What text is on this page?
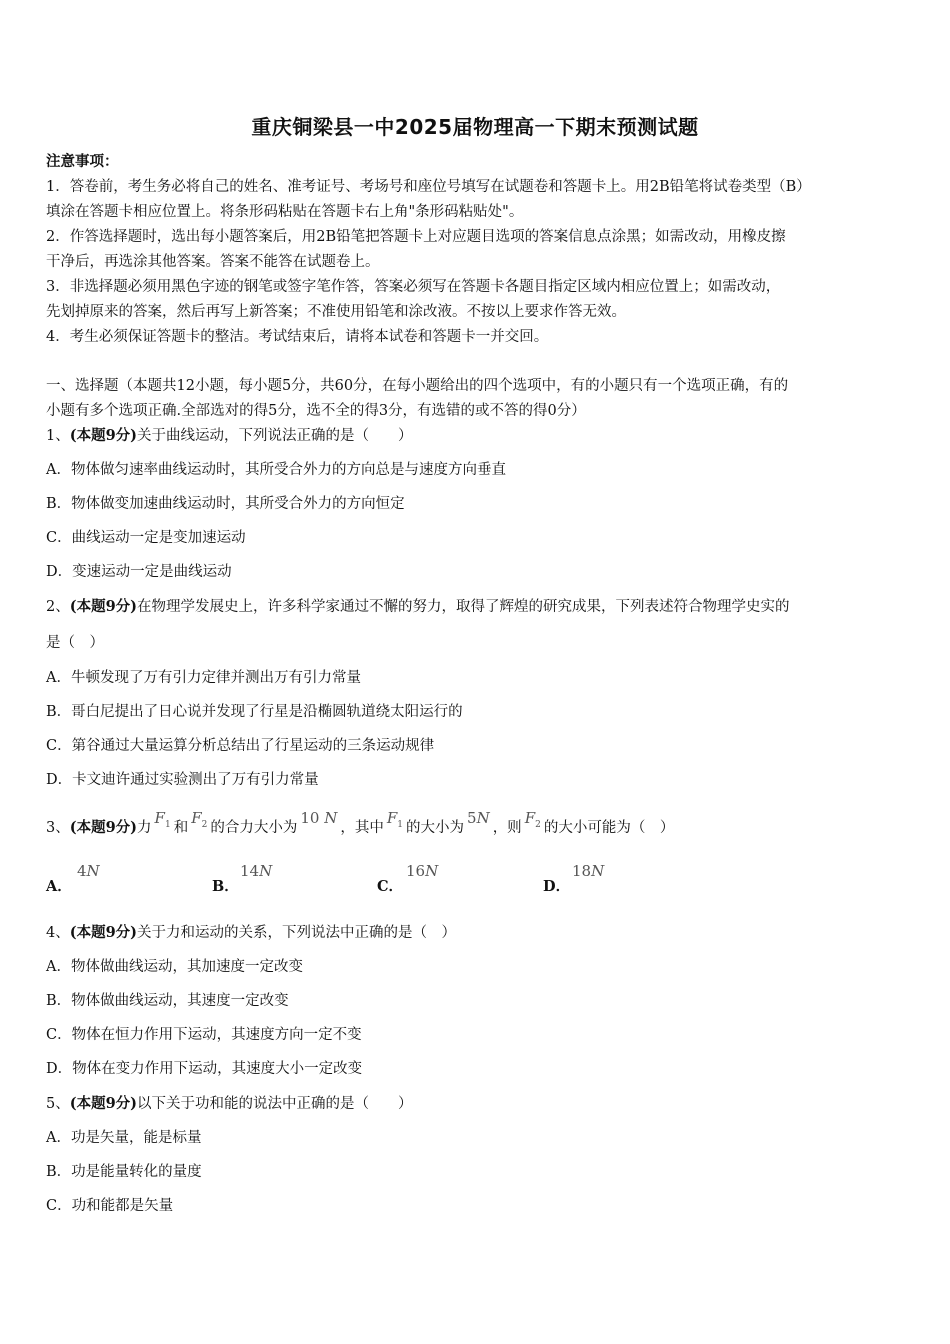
重庆铜梁县一中2025届物理高一下期末预测试题
注意事项：
1．答卷前，考生务必将自己的姓名、准考证号、考场号和座位号填写在试题卷和答题卡上。用2B铅笔将试卷类型（B）
填涂在答题卡相应位置上。将条形码粘贴在答题卡右上角"条形码粘贴处"。
2．作答选择题时，选出每小题答案后，用2B铅笔把答题卡上对应题目选项的答案信息点涂黑；如需改动，用橡皮擦
干净后，再选涂其他答案。答案不能答在试题卷上。
3．非选择题必须用黑色字迹的钢笔或签字笔作答，答案必须写在答题卡各题目指定区域内相应位置上；如需改动，
先划掉原来的答案，然后再写上新答案；不准使用铅笔和涂改液。不按以上要求作答无效。
4．考生必须保证答题卡的整洁。考试结束后，请将本试卷和答题卡一并交回。
一、选择题（本题共12小题，每小题5分，共60分，在每小题给出的四个选项中，有的小题只有一个选项正确，有的
小题有多个选项正确.全部选对的得5分，选不全的得3分，有选错的或不答的得0分）
1、(本题9分)关于曲线运动，下列说法正确的是（　　）
A．物体做匀速率曲线运动时，其所受合外力的方向总是与速度方向垂直
B．物体做变加速曲线运动时，其所受合外力的方向恒定
C．曲线运动一定是变加速运动
D．变速运动一定是曲线运动
2、(本题9分)在物理学发展史上，许多科学家通过不懈的努力，取得了辉煌的研究成果，下列表述符合物理学史实的
是（　）
A．牛顿发现了万有引力定律并测出万有引力常量
B．哥白尼提出了日心说并发现了行星是沿椭圆轨道绕太阳运行的
C．第谷通过大量运算分析总结出了行星运动的三条运动规律
D．卡文迪许通过实验测出了万有引力常量
3、(本题9分)力$F_1$ 和$F_2$ 的合力大小为10 N，其中$F_1$ 的大小为5N，则$F_2$ 的大小可能为（　）
A．
4N
B．
14N
C．
16N
D．
18N
4、(本题9分)关于力和运动的关系，下列说法中正确的是（　）
A．物体做曲线运动，其加速度一定改变
B．物体做曲线运动，其速度一定改变
C．物体在恒力作用下运动，其速度方向一定不变
D．物体在变力作用下运动，其速度大小一定改变
5、(本题9分)以下关于功和能的说法中正确的是（　　）
A．功是矢量，能是标量
B．功是能量转化的量度
C．功和能都是矢量
